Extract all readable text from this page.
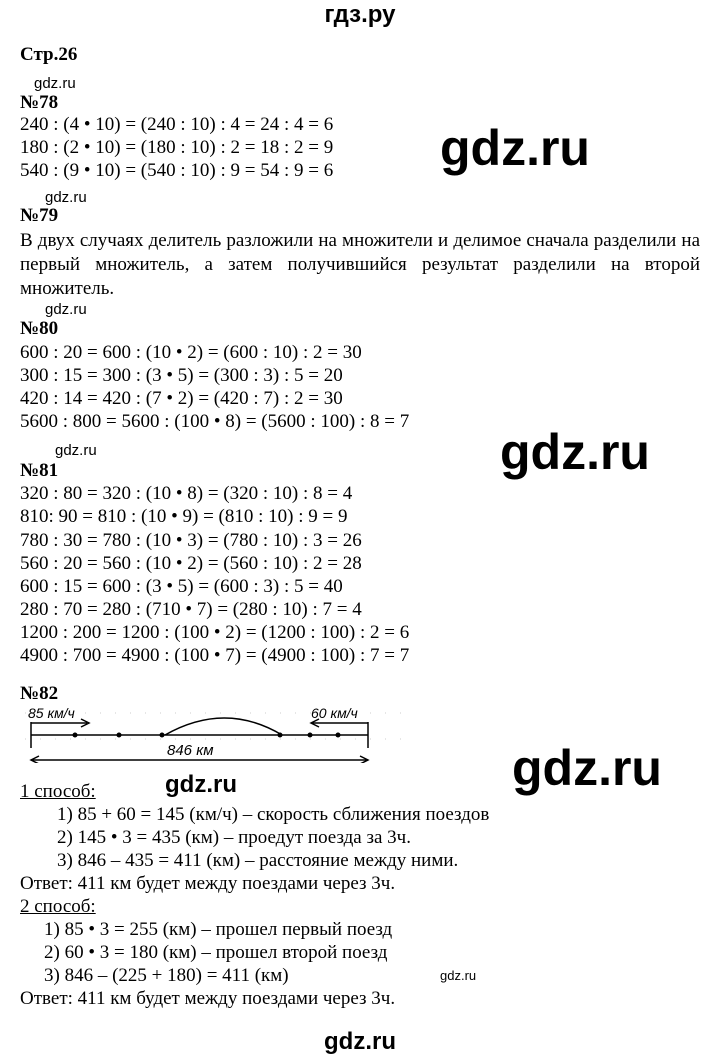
гдз.ру
Стр.26
gdz.ru
№78
240 : (4 • 10) = (240 : 10) : 4 = 24 : 4 = 6
180 : (2 • 10) = (180 : 10) : 2 = 18 : 2 = 9
540 : (9 • 10) = (540 : 10) : 9 = 54 : 9 = 6 gdz.ru
gdz.ru
№79
В двух случаях делитель разложили на множители и делимое сначала разделили на первый множитель, а затем получившийся результат разделили на второй множитель.
gdz.ru
№80
600 : 20 = 600 : (10 • 2) = (600 : 10) : 2 = 30
300 : 15 = 300 : (3 • 5) = (300 : 3) : 5 = 20
420 : 14 = 420 : (7 • 2) = (420 : 7) : 2 = 30
5600 : 800 = 5600 : (100 • 8) = (5600 : 100) : 8 = 7
gdz.ru
gdz.ru
№81
320 : 80 = 320 : (10 • 8) = (320 : 10) : 8 = 4
810: 90 = 810 : (10 • 9) = (810 : 10) : 9 = 9
780 : 30 = 780 : (10 • 3) = (780 : 10) : 3 = 26
560 : 20 = 560 : (10 • 2) = (560 : 10) : 2 = 28
600 : 15 = 600 : (3 • 5) = (600 : 3) : 5 = 40
280 : 70 = 280 : (710 • 7) = (280 : 10) : 7 = 4
1200 : 200 = 1200 : (100 • 2) = (1200 : 100) : 2 = 6
4900 : 700 = 4900 : (100 • 7) = (4900 : 100) : 7 = 7
№82
85 км/ч	60 км/ч
846 км	gdz.ru
gdz.ru
1 способ:
1) 85 + 60 = 145 (км/ч) – скорость сближения поездов
2) 145 • 3 = 435 (км) – проедут поезда за 3ч.
3) 846 – 435 = 411 (км) – расстояние между ними.
Ответ: 411 км будет между поездами через 3ч.
2 способ:
1) 85 • 3 = 255 (км) – прошел первый поезд
2) 60 • 3 = 180 (км) – прошел второй поезд
gdz.ru
3) 846 – (225 + 180) = 411 (км)
Ответ: 411 км будет между поездами через 3ч.
gdz.ru
